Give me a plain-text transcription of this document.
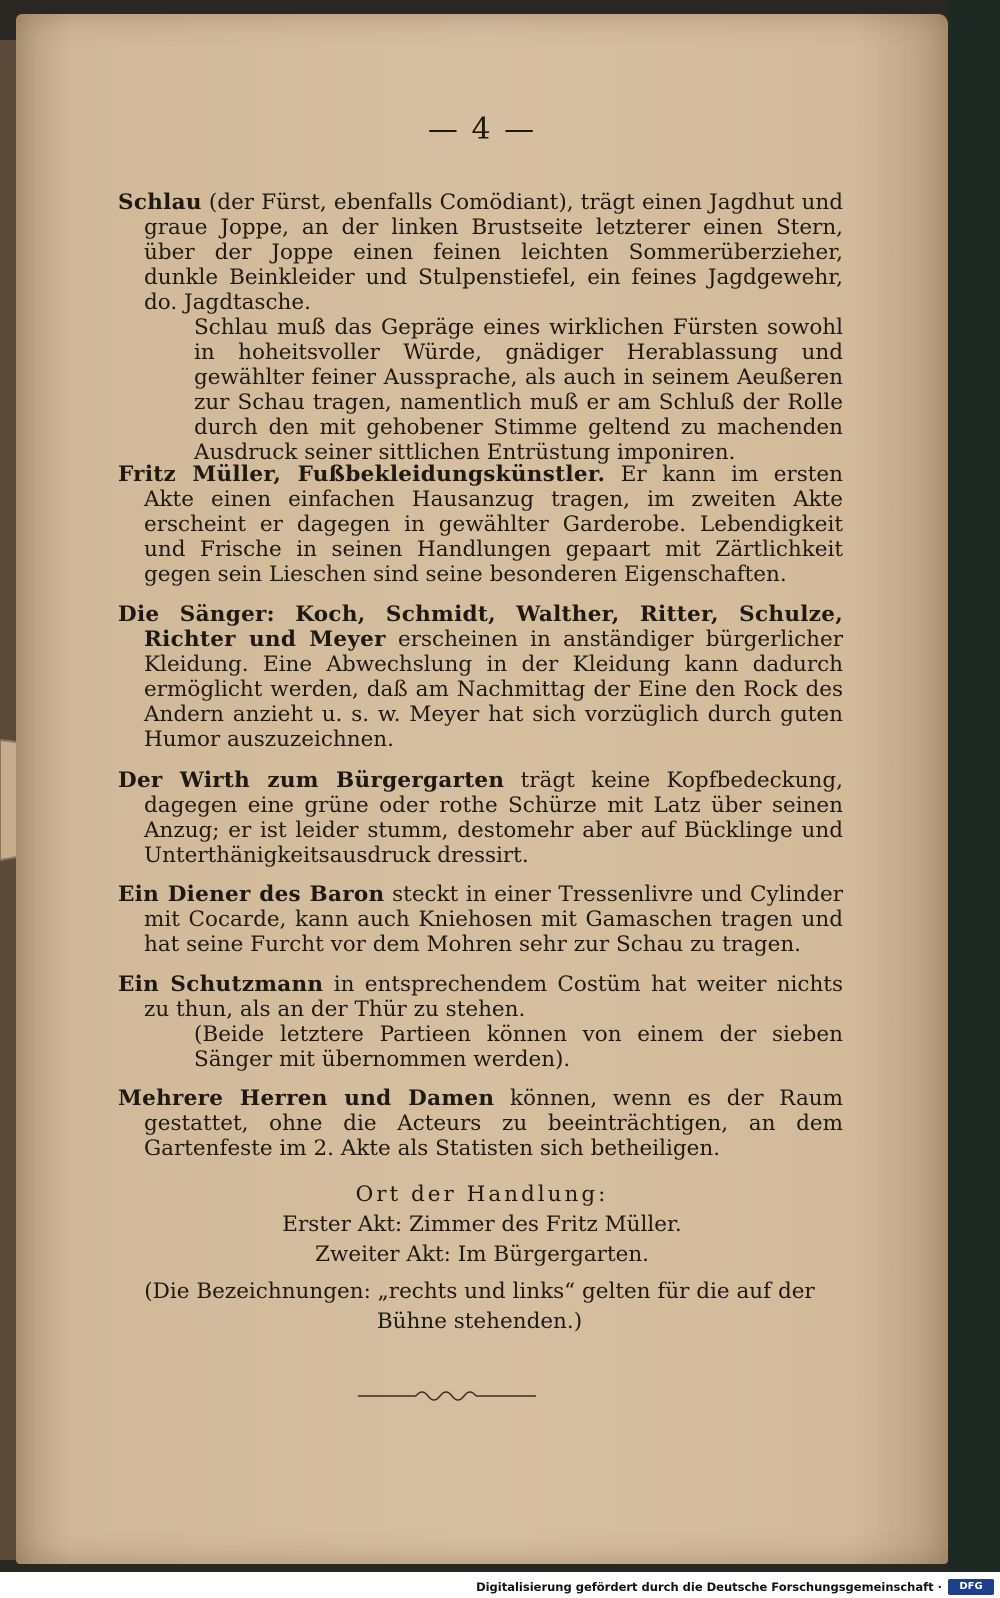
— 4 —
Schlau (der Fürst, ebenfalls Comödiant), trägt einen Jagdhut und graue Joppe, an der linken Brustseite letzterer einen Stern, über der Joppe einen feinen leichten Sommerüberzieher, dunkle Beinkleider und Stulpenstiefel, ein feines Jagdgewehr, do. Jagdtasche.
Schlau muß das Gepräge eines wirklichen Fürsten sowohl in hoheitsvoller Würde, gnädiger Herablassung und gewählter feiner Aussprache, als auch in seinem Aeußeren zur Schau tragen, namentlich muß er am Schluß der Rolle durch den mit gehobener Stimme geltend zu machenden Ausdruck seiner sittlichen Entrüstung imponiren.
Fritz Müller, Fußbekleidungskünstler. Er kann im ersten Akte einen einfachen Hausanzug tragen, im zweiten Akte erscheint er dagegen in gewählter Garderobe. Lebendigkeit und Frische in seinen Handlungen gepaart mit Zärtlichkeit gegen sein Lieschen sind seine besonderen Eigenschaften.
Die Sänger: Koch, Schmidt, Walther, Ritter, Schulze, Richter und Meyer erscheinen in anständiger bürgerlicher Kleidung. Eine Abwechslung in der Kleidung kann dadurch ermöglicht werden, daß am Nachmittag der Eine den Rock des Andern anzieht u. s. w. Meyer hat sich vorzüglich durch guten Humor auszuzeichnen.
Der Wirth zum Bürgergarten trägt keine Kopfbedeckung, dagegen eine grüne oder rothe Schürze mit Latz über seinen Anzug; er ist leider stumm, destomehr aber auf Bücklinge und Unterthänigkeitsausdruck dressirt.
Ein Diener des Baron steckt in einer Tressenlivre und Cylinder mit Cocarde, kann auch Kniehosen mit Gamaschen tragen und hat seine Furcht vor dem Mohren sehr zur Schau zu tragen.
Ein Schutzmann in entsprechendem Costüm hat weiter nichts zu thun, als an der Thür zu stehen.
(Beide letztere Partieen können von einem der sieben Sänger mit übernommen werden).
Mehrere Herren und Damen können, wenn es der Raum gestattet, ohne die Acteurs zu beeinträchtigen, an dem Gartenfeste im 2. Akte als Statisten sich betheiligen.
Ort der Handlung:
Erster Akt: Zimmer des Fritz Müller.
Zweiter Akt: Im Bürgergarten.
(Die Bezeichnungen: „rechts und links“ gelten für die auf der Bühne stehenden.)
Digitalisierung gefördert durch die Deutsche Forschungsgemeinschaft ·	DFG
